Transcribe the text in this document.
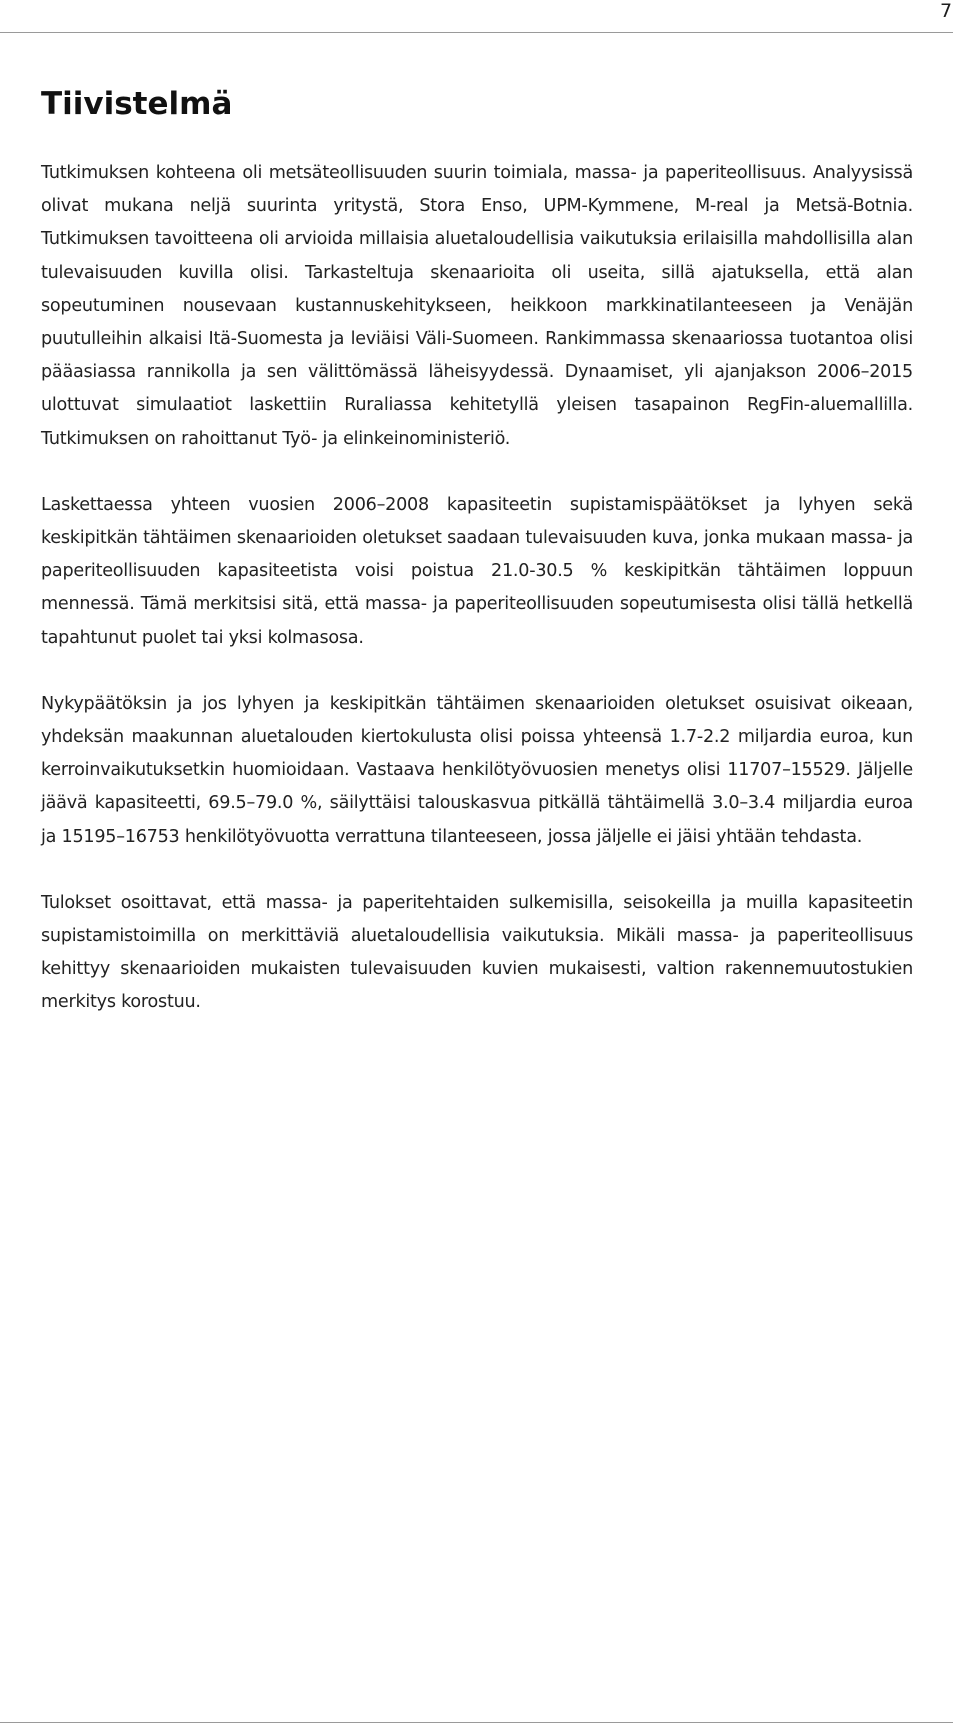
7
Tiivistelmä

Tutkimuksen kohteena oli metsäteollisuuden suurin toimiala, massa- ja paperiteollisuus. Analyysissä olivat mukana neljä suurinta yritystä, Stora Enso, UPM-Kymmene, M-real ja Metsä-Botnia. Tutkimuksen tavoitteena oli arvioida millaisia aluetaloudellisia vaikutuksia erilaisilla mahdollisilla alan tulevaisuuden kuvilla olisi. Tarkasteltuja skenaarioita oli useita, sillä ajatuksella, että alan sopeutuminen nousevaan kustannuskehitykseen, heikkoon markkinatilanteeseen ja Venäjän puutulleihin alkaisi Itä-Suomesta ja leviäisi Väli-Suomeen. Rankimmassa skenaariossa tuotantoa olisi pääasiassa rannikolla ja sen välittömässä läheisyydessä. Dynaamiset, yli ajanjakson 2006–2015 ulottuvat simulaatiot laskettiin Ruraliassa kehitetyllä yleisen tasapainon RegFin-aluemallilla. Tutkimuksen on rahoittanut Työ- ja elinkeinoministeriö.

Laskettaessa yhteen vuosien 2006–2008 kapasiteetin supistamispäätökset ja lyhyen sekä keskipitkän tähtäimen skenaarioiden oletukset saadaan tulevaisuuden kuva, jonka mukaan massa- ja paperiteollisuuden kapasiteetista voisi poistua 21.0-30.5 % keskipitkän tähtäimen loppuun mennessä. Tämä merkitsisi sitä, että massa- ja paperiteollisuuden sopeutumisesta olisi tällä hetkellä tapahtunut puolet tai yksi kolmasosa.

Nykypäätöksin ja jos lyhyen ja keskipitkän tähtäimen skenaarioiden oletukset osuisivat oikeaan, yhdeksän maakunnan aluetalouden kiertokulusta olisi poissa yhteensä 1.7-2.2 miljardia euroa, kun kerroinvaikutuksetkin huomioidaan. Vastaava henkilötyövuosien menetys olisi 11707–15529. Jäljelle jäävä kapasiteetti, 69.5–79.0 %, säilyttäisi talouskasvua pitkällä tähtäimellä 3.0–3.4 miljardia euroa ja 15195–16753 henkilötyövuotta verrattuna tilanteeseen, jossa jäljelle ei jäisi yhtään tehdasta.

Tulokset osoittavat, että massa- ja paperitehtaiden sulkemisilla, seisokeilla ja muilla kapasiteetin supistamistoimilla on merkittäviä aluetaloudellisia vaikutuksia. Mikäli massa- ja paperiteollisuus kehittyy skenaarioiden mukaisten tulevaisuuden kuvien mukaisesti, valtion rakennemuutostukien merkitys korostuu.
